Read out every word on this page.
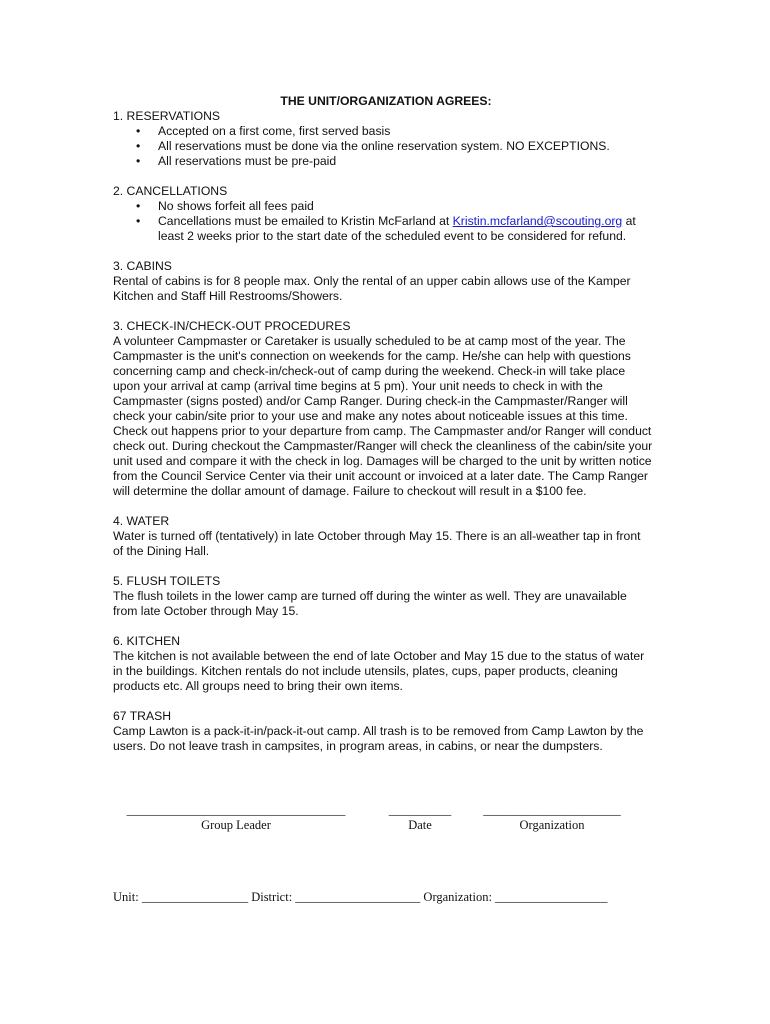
THE UNIT/ORGANIZATION AGREES:

1. RESERVATIONS

• Accepted on a first come, first served basis
• All reservations must be done via the online reservation system. NO EXCEPTIONS.
• All reservations must be pre-paid

2. CANCELLATIONS

• No shows forfeit all fees paid
• Cancellations must be emailed to Kristin McFarland at Kristin.mcfarland@scouting.org at least 2 weeks prior to the start date of the scheduled event to be considered for refund.

3. CABINS

Rental of cabins is for 8 people max. Only the rental of an upper cabin allows use of the Kamper Kitchen and Staff Hill Restrooms/Showers.

3. CHECK-IN/CHECK-OUT PROCEDURES

A volunteer Campmaster or Caretaker is usually scheduled to be at camp most of the year. The Campmaster is the unit's connection on weekends for the camp. He/she can help with questions concerning camp and check-in/check-out of camp during the weekend. Check-in will take place upon your arrival at camp (arrival time begins at 5 pm). Your unit needs to check in with the Campmaster (signs posted) and/or Camp Ranger. During check-in the Campmaster/Ranger will check your cabin/site prior to your use and make any notes about noticeable issues at this time. Check out happens prior to your departure from camp. The Campmaster and/or Ranger will conduct check out. During checkout the Campmaster/Ranger will check the cleanliness of the cabin/site your unit used and compare it with the check in log. Damages will be charged to the unit by written notice from the Council Service Center via their unit account or invoiced at a later date. The Camp Ranger will determine the dollar amount of damage. Failure to checkout will result in a $100 fee.

4. WATER

Water is turned off (tentatively) in late October through May 15. There is an all-weather tap in front of the Dining Hall.

5. FLUSH TOILETS

The flush toilets in the lower camp are turned off during the winter as well. They are unavailable from late October through May 15.

6. KITCHEN

The kitchen is not available between the end of late October and May 15 due to the status of water in the buildings. Kitchen rentals do not include utensils, plates, cups, paper products, cleaning products etc. All groups need to bring their own items.

67 TRASH

Camp Lawton is a pack-it-in/pack-it-out camp. All trash is to be removed from Camp Lawton by the users. Do not leave trash in campsites, in program areas, in cabins, or near the dumpsters.

___________________________________
Group Leader
__________
Date
______________________
Organization
Unit: _________________ District: ____________________ Organization: __________________
